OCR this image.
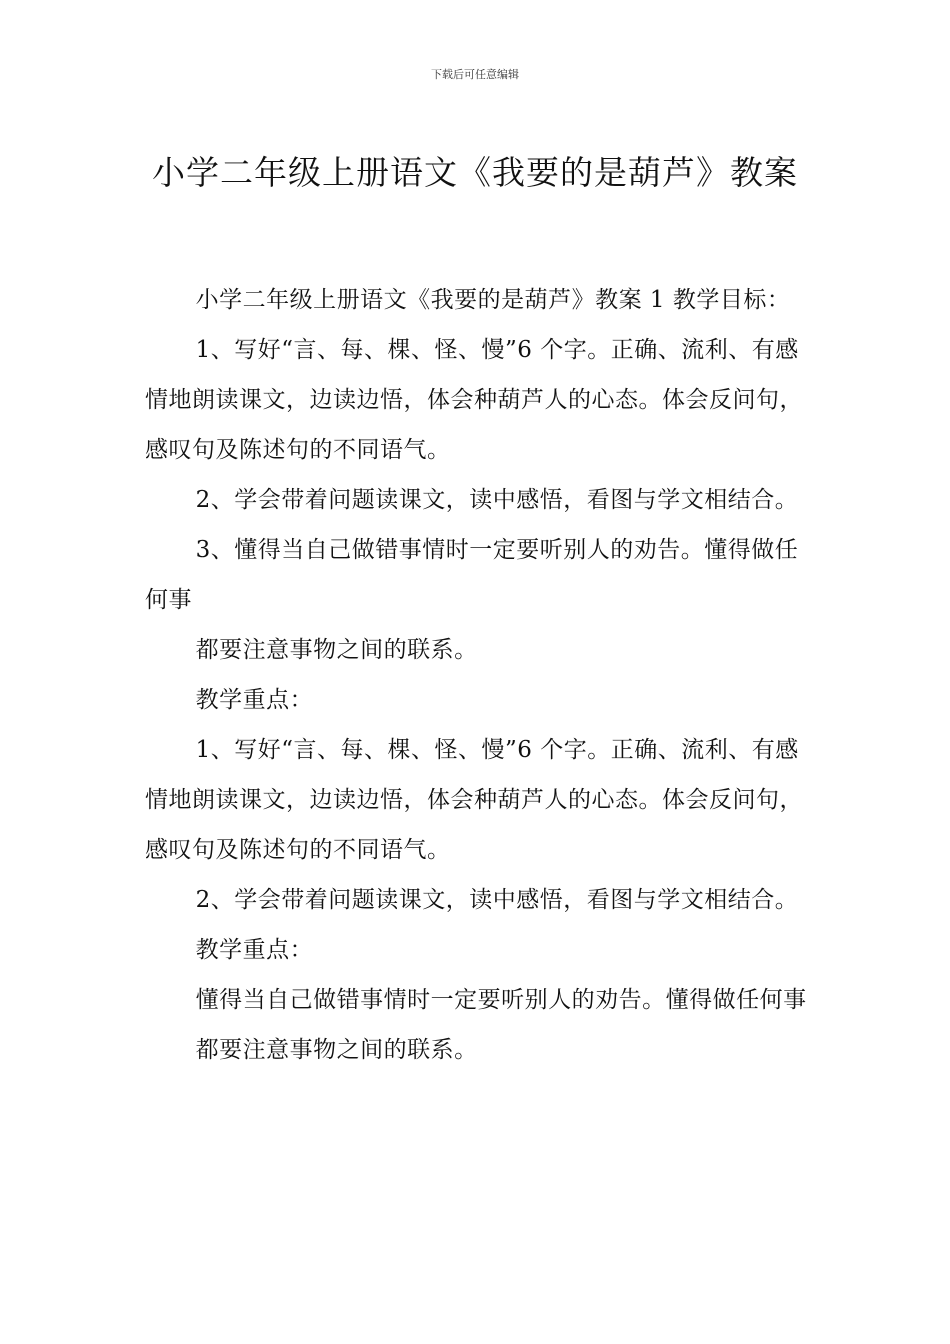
下载后可任意编辑
小学二年级上册语文《我要的是葫芦》教案

小学二年级上册语文《我要的是葫芦》教案 1 教学目标：

1、写好“言、每、棵、怪、慢”6 个字。正确、流利、有感情地朗读课文，边读边悟，体会种葫芦人的心态。体会反问句，感叹句及陈述句的不同语气。

2、学会带着问题读课文，读中感悟，看图与学文相结合。

3、懂得当自己做错事情时一定要听别人的劝告。懂得做任何事

都要注意事物之间的联系。

教学重点：

1、写好“言、每、棵、怪、慢”6 个字。正确、流利、有感情地朗读课文，边读边悟，体会种葫芦人的心态。体会反问句，感叹句及陈述句的不同语气。

2、学会带着问题读课文，读中感悟，看图与学文相结合。

教学重点：

懂得当自己做错事情时一定要听别人的劝告。懂得做任何事

都要注意事物之间的联系。
